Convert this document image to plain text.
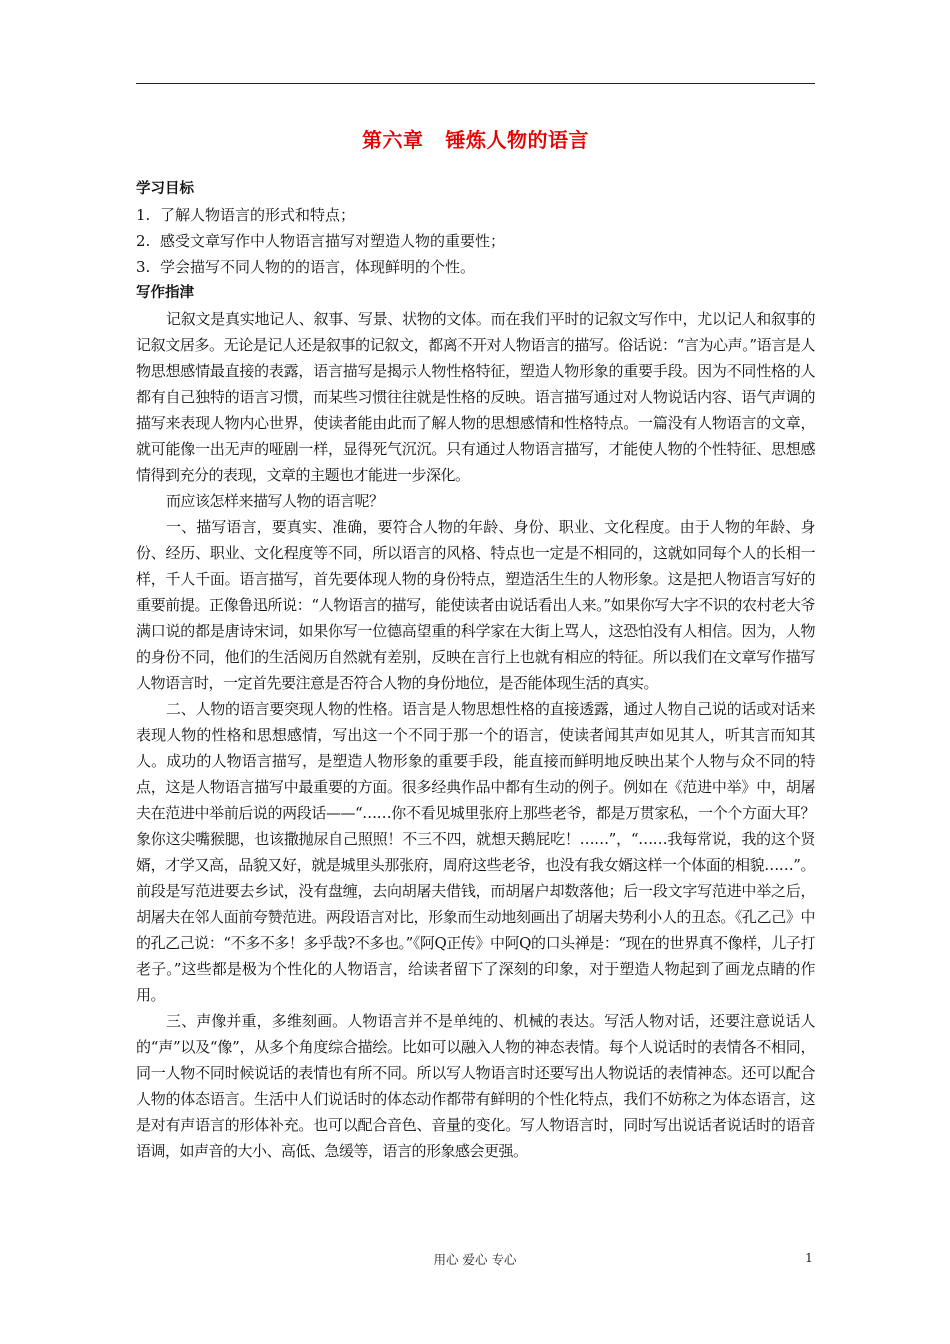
第六章 锤炼人物的语言
学习目标
1. 了解人物语言的形式和特点；
2. 感受文章写作中人物语言描写对塑造人物的重要性；
3. 学会描写不同人物的的语言，体现鲜明的个性。
写作指津

记叙文是真实地记人、叙事、写景、状物的文体。而在我们平时的记叙文写作中，尤以记人和叙事的记叙文居多。无论是记人还是叙事的记叙文，都离不开对人物语言的描写。俗话说：“言为心声。”语言是人物思想感情最直接的表露，语言描写是揭示人物性格特征，塑造人物形象的重要手段。因为不同性格的人都有自己独特的语言习惯，而某些习惯往往就是性格的反映。语言描写通过对人物说话内容、语气声调的描写来表现人物内心世界，使读者能由此而了解人物的思想感情和性格特点。一篇没有人物语言的文章，就可能像一出无声的哑剧一样，显得死气沉沉。只有通过人物语言描写，才能使人物的个性特征、思想感情得到充分的表现，文章的主题也才能进一步深化。

而应该怎样来描写人物的语言呢？

一、描写语言，要真实、准确，要符合人物的年龄、身份、职业、文化程度。由于人物的年龄、身份、经历、职业、文化程度等不同，所以语言的风格、特点也一定是不相同的，这就如同每个人的长相一样，千人千面。语言描写，首先要体现人物的身份特点，塑造活生生的人物形象。这是把人物语言写好的重要前提。正像鲁迅所说：“人物语言的描写，能使读者由说话看出人来。”如果你写大字不识的农村老大爷满口说的都是唐诗宋词，如果你写一位德高望重的科学家在大街上骂人，这恐怕没有人相信。因为，人物的身份不同，他们的生活阅历自然就有差别，反映在言行上也就有相应的特征。所以我们在文章写作描写人物语言时，一定首先要注意是否符合人物的身份地位，是否能体现生活的真实。

二、人物的语言要突现人物的性格。语言是人物思想性格的直接透露，通过人物自己说的话或对话来表现人物的性格和思想感情，写出这一个不同于那一个的语言，使读者闻其声如见其人，听其言而知其人。成功的人物语言描写，是塑造人物形象的重要手段，能直接而鲜明地反映出某个人物与众不同的特点，这是人物语言描写中最重要的方面。很多经典作品中都有生动的例子。例如在《范进中举》中，胡屠夫在范进中举前后说的两段话——“……你不看见城里张府上那些老爷，都是万贯家私，一个个方面大耳？象你这尖嘴猴腮，也该撒抛尿自己照照！不三不四，就想天鹅屁吃！……”，“……我每常说，我的这个贤婿，才学又高，品貌又好，就是城里头那张府，周府这些老爷，也没有我女婿这样一个体面的相貌……”。前段是写范进要去乡试，没有盘缠，去向胡屠夫借钱，而胡屠户却数落他；后一段文字写范进中举之后，胡屠夫在邻人面前夸赞范进。两段语言对比，形象而生动地刻画出了胡屠夫势利小人的丑态。《孔乙己》中的孔乙己说：“不多不多！多乎哉?不多也。”《阿Q正传》中阿Q的口头禅是：“现在的世界真不像样，儿子打老子。”这些都是极为个性化的人物语言，给读者留下了深刻的印象，对于塑造人物起到了画龙点睛的作用。

三、声像并重，多维刻画。人物语言并不是单纯的、机械的表达。写活人物对话，还要注意说话人的“声”以及“像”，从多个角度综合描绘。比如可以融入人物的神态表情。每个人说话时的表情各不相同，同一人物不同时候说话的表情也有所不同。所以写人物语言时还要写出人物说话的表情神态。还可以配合人物的体态语言。生活中人们说话时的体态动作都带有鲜明的个性化特点，我们不妨称之为体态语言，这是对有声语言的形体补充。也可以配合音色、音量的变化。写人物语言时，同时写出说话者说话时的语音语调，如声音的大小、高低、急缓等，语言的形象感会更强。

用心 爱心 专心	1
